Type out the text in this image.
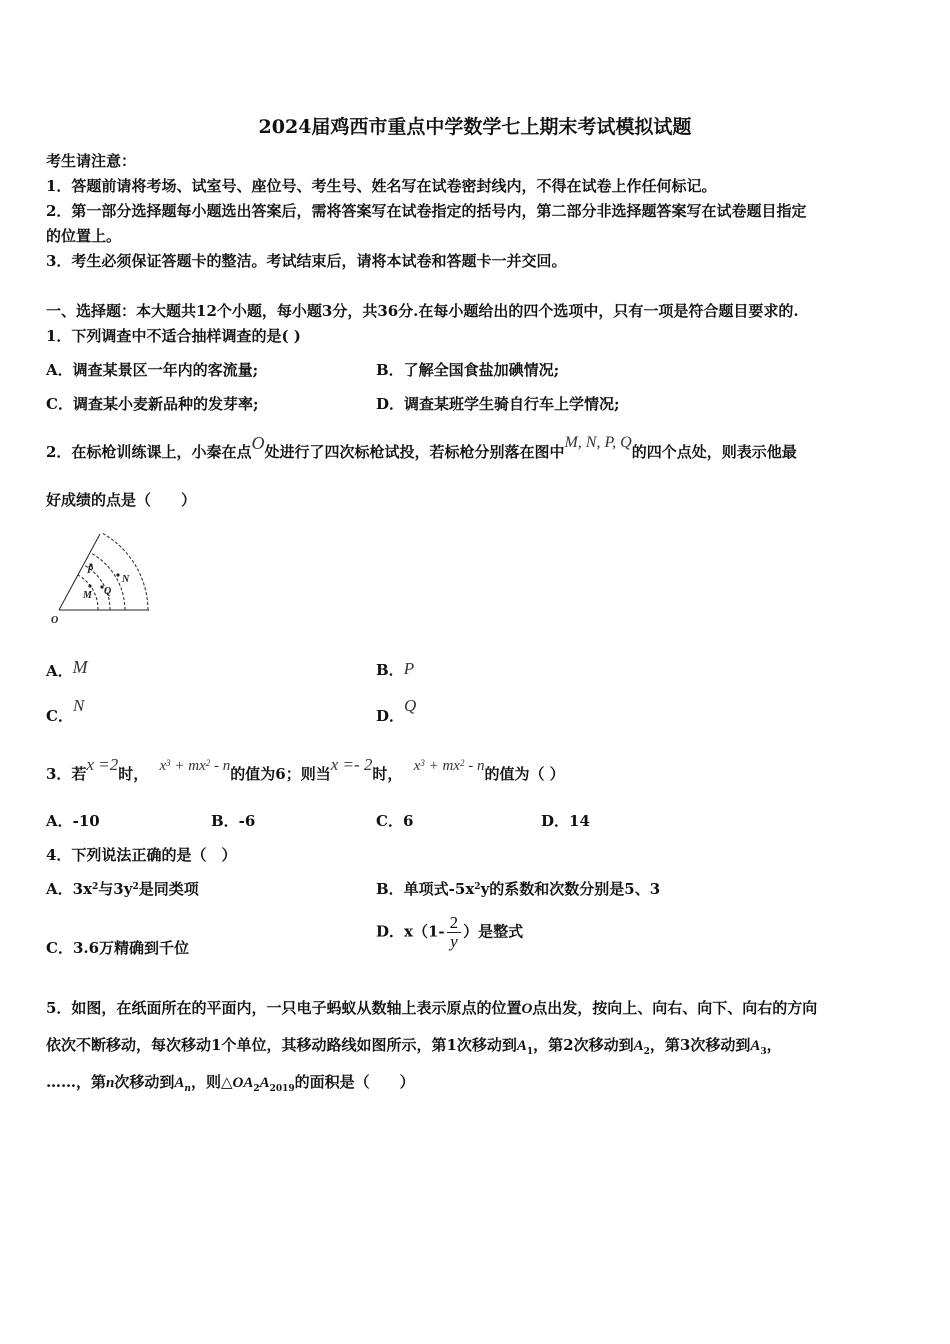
2024届鸡西市重点中学数学七上期末考试模拟试题
考生请注意：
1．答题前请将考场、试室号、座位号、考生号、姓名写在试卷密封线内，不得在试卷上作任何标记。
2．第一部分选择题每小题选出答案后，需将答案写在试卷指定的括号内，第二部分非选择题答案写在试卷题目指定
的位置上。
3．考生必须保证答题卡的整洁。考试结束后，请将本试卷和答题卡一并交回。
一、选择题：本大题共12个小题，每小题3分，共36分.在每小题给出的四个选项中，只有一项是符合题目要求的.
1．下列调查中不适合抽样调查的是( )
A．调查某景区一年内的客流量;	B．了解全国食盐加碘情况;
C．调查某小麦新品种的发芽率;	D．调查某班学生骑自行车上学情况;
2．在标枪训练课上，小秦在点O处进行了四次标枪试投，若标枪分别落在图中M, N, P, Q的四个点处，则表示他最
好成绩的点是（　　）
O
P
N
M Q
A．M	B．P
C．N
D．Q
3．若x =2时， $x^3 + mx^2 - n$的值为6；则当x =- 2时， $x^3 + mx^2 - n$的值为（ ）
A．-10	B．-6	C．6	D．14
4．下列说法正确的是（　）
A．$3x^2$与$3y^2$是同类项	B．单项式$-5x^2y$的系数和次数分别是5、3
C．3.6万精确到千位
D．$x(1- \frac{2}{y}$ ）是整式
5．如图，在纸面所在的平面内，一只电子蚂蚁从数轴上表示原点的位置O点出发，按向上、向右、向下、向右的方向
依次不断移动，每次移动1个单位，其移动路线如图所示，第1次移动到$A_1$，第2次移动到$A_2$，第3次移动到$A_3$，
……，第n次移动到$A_n$，则$\triangle OA_2A_{2019}$的面积是（　　）
